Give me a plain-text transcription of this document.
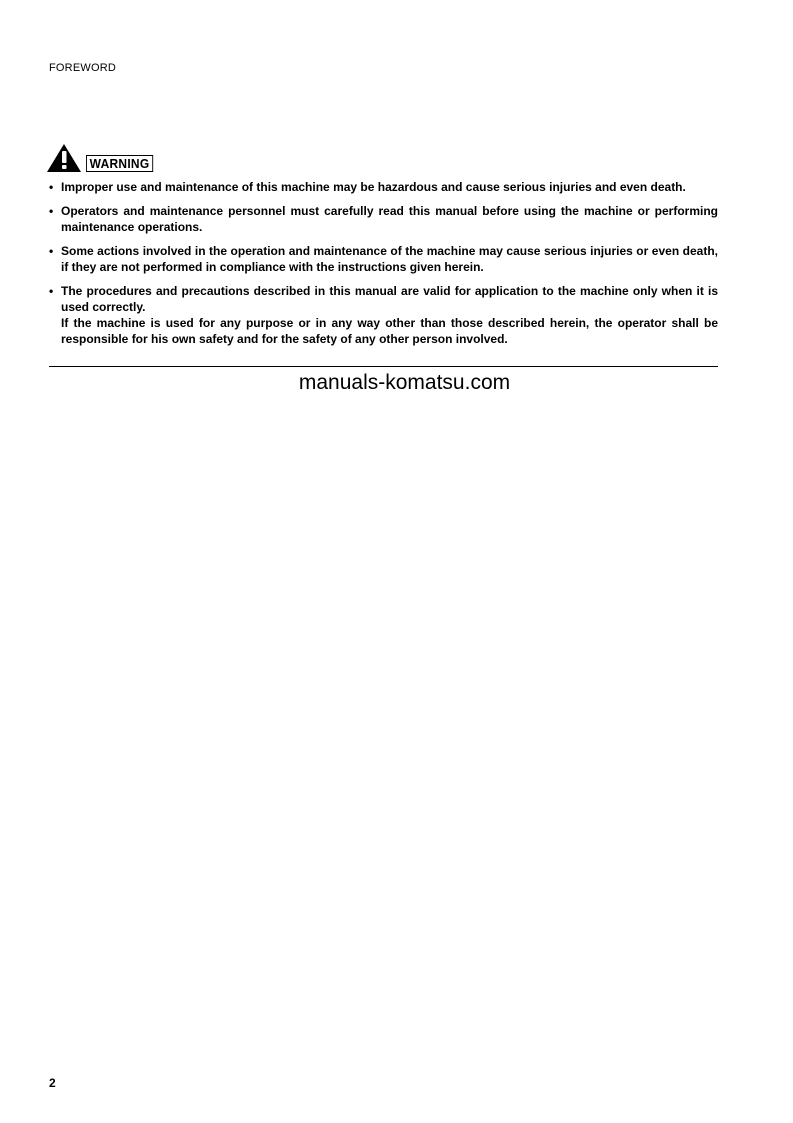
FOREWORD
WARNING
• Improper use and maintenance of this machine may be hazardous and cause serious injuries and even death.
• Operators and maintenance personnel must carefully read this manual before using the machine or performing maintenance operations.
• Some actions involved in the operation and maintenance of the machine may cause serious injuries or even death, if they are not performed in compliance with the instructions given herein.
• The procedures and precautions described in this manual are valid for application to the machine only when it is used correctly.
If the machine is used for any purpose or in any way other than those described herein, the operator shall be responsible for his own safety and for the safety of any other person involved.
manuals-komatsu.com
2
